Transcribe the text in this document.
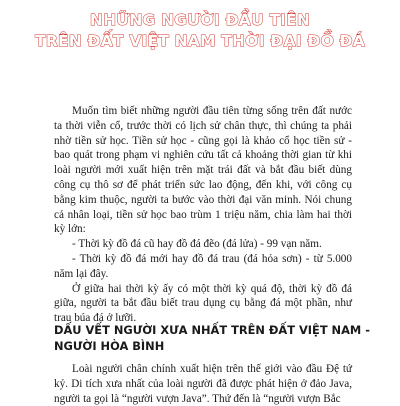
NHỮNG NGƯỜI ĐẦU TIÊN
TRÊN ĐẤT VIỆT NAM THỜI ĐẠI ĐỒ ĐÁ

Muốn tìm biết những người đầu tiên từng sống trên đất nước ta thời viễn cổ, trước thời có lịch sử chân thực, thì chúng ta phải nhờ tiền sử học. Tiền sử học - cũng gọi là khảo cổ học tiền sử - bao quát trong phạm vi nghiên cứu tất cả khoảng thời gian từ khi loài người mới xuất hiện trên mặt trái đất và bắt đầu biết dùng công cụ thô sơ để phát triển sức lao động, đến khi, với công cụ bằng kim thuộc, người ta bước vào thời đại văn minh. Nói chung cả nhân loại, tiền sử học bao trùm 1 triệu năm, chia làm hai thời kỳ lớn:

- Thời kỳ đồ đá cũ hay đồ đá đẽo (đá lửa) - 99 vạn năm.

- Thời kỳ đồ đá mới hay đồ đá trau (đá hỏa sơn) - từ 5.000 năm lại đây.

Ở giữa hai thời kỳ ấy có một thời kỳ quá độ, thời kỳ đồ đá giữa, người ta bắt đầu biết trau dụng cụ bằng đá một phần, như trau búa đá ở lưỡi.

DẤU VẾT NGƯỜI XƯA NHẤT TRÊN ĐẤT VIỆT NAM -
NGƯỜI HÒA BÌNH

Loài người chân chính xuất hiện trên thế giới vào đầu Đệ tứ kỷ. Di tích xưa nhất của loài người đã được phát hiện ở đảo Java, người ta gọi là “người vượn Java”. Thứ đến là “người vượn Bắc
